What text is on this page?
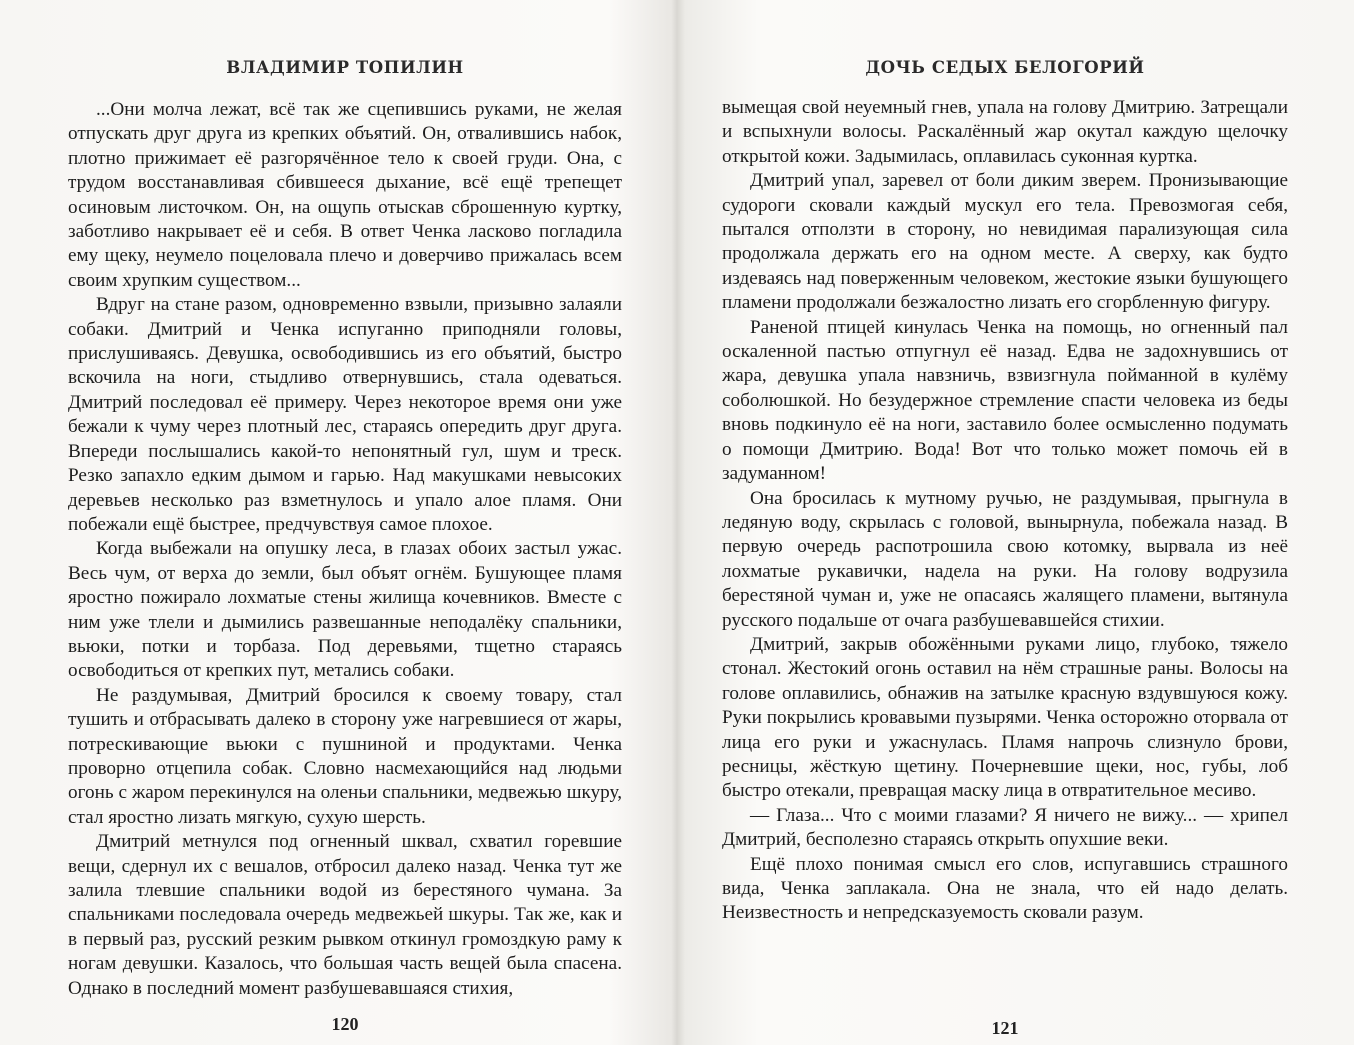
ВЛАДИМИР ТОПИЛИН

...Они молча лежат, всё так же сцепившись руками, не желая отпускать друг друга из крепких объятий. Он, отвалившись набок, плотно прижимает её разгорячённое тело к своей груди. Она, с трудом восстанавливая сбившееся дыхание, всё ещё трепещет осиновым листочком. Он, на ощупь отыскав сброшенную куртку, заботливо накрывает её и себя. В ответ Ченка ласково погладила ему щеку, неумело поцеловала плечо и доверчиво прижалась всем своим хрупким существом...

Вдруг на стане разом, одновременно взвыли, призывно залаяли собаки. Дмитрий и Ченка испуганно приподняли головы, прислушиваясь. Девушка, освободившись из его объятий, быстро вскочила на ноги, стыдливо отвернувшись, стала одеваться. Дмитрий последовал её примеру. Через некоторое время они уже бежали к чуму через плотный лес, стараясь опередить друг друга. Впереди послышались какой-то непонятный гул, шум и треск. Резко запахло едким дымом и гарью. Над макушками невысоких деревьев несколько раз взметнулось и упало алое пламя. Они побежали ещё быстрее, предчувствуя самое плохое.

Когда выбежали на опушку леса, в глазах обоих застыл ужас. Весь чум, от верха до земли, был объят огнём. Бушующее пламя яростно пожирало лохматые стены жилища кочевников. Вместе с ним уже тлели и дымились развешанные неподалёку спальники, вьюки, потки и торбаза. Под деревьями, тщетно стараясь освободиться от крепких пут, метались собаки.

Не раздумывая, Дмитрий бросился к своему товару, стал тушить и отбрасывать далеко в сторону уже нагревшиеся от жары, потрескивающие вьюки с пушниной и продуктами. Ченка проворно отцепила собак. Словно насмехающийся над людьми огонь с жаром перекинулся на оленьи спальники, медвежью шкуру, стал яростно лизать мягкую, сухую шерсть.

Дмитрий метнулся под огненный шквал, схватил горевшие вещи, сдернул их с вешалов, отбросил далеко назад. Ченка тут же залила тлевшие спальники водой из берестяного чумана. За спальниками последовала очередь медвежьей шкуры. Так же, как и в первый раз, русский резким рывком откинул громоздкую раму к ногам девушки. Казалось, что большая часть вещей была спасена. Однако в последний момент разбушевавшаяся стихия,

120
ДОЧЬ СЕДЫХ БЕЛОГОРИЙ

вымещая свой неуемный гнев, упала на голову Дмитрию. Затрещали и вспыхнули волосы. Раскалённый жар окутал каждую щелочку открытой кожи. Задымилась, оплавилась суконная куртка.

Дмитрий упал, заревел от боли диким зверем. Пронизывающие судороги сковали каждый мускул его тела. Превозмогая себя, пытался отползти в сторону, но невидимая парализующая сила продолжала держать его на одном месте. А сверху, как будто издеваясь над поверженным человеком, жестокие языки бушующего пламени продолжали безжалостно лизать его сгорбленную фигуру.

Раненой птицей кинулась Ченка на помощь, но огненный пал оскаленной пастью отпугнул её назад. Едва не задохнувшись от жара, девушка упала навзничь, взвизгнула пойманной в кулёму соболюшкой. Но безудержное стремление спасти человека из беды вновь подкинуло её на ноги, заставило более осмысленно подумать о помощи Дмитрию. Вода! Вот что только может помочь ей в задуманном!

Она бросилась к мутному ручью, не раздумывая, прыгнула в ледяную воду, скрылась с головой, вынырнула, побежала назад. В первую очередь распотрошила свою котомку, вырвала из неё лохматые рукавички, надела на руки. На голову водрузила берестяной чуман и, уже не опасаясь жалящего пламени, вытянула русского подальше от очага разбушевавшейся стихии.

Дмитрий, закрыв обожёнными руками лицо, глубоко, тяжело стонал. Жестокий огонь оставил на нём страшные раны. Волосы на голове оплавились, обнажив на затылке красную вздувшуюся кожу. Руки покрылись кровавыми пузырями. Ченка осторожно оторвала от лица его руки и ужаснулась. Пламя напрочь слизнуло брови, ресницы, жёсткую щетину. Почерневшие щеки, нос, губы, лоб быстро отекали, превращая маску лица в отвратительное месиво.

— Глаза... Что с моими глазами? Я ничего не вижу... — хрипел Дмитрий, бесполезно стараясь открыть опухшие веки.

Ещё плохо понимая смысл его слов, испугавшись страшного вида, Ченка заплакала. Она не знала, что ей надо делать. Неизвестность и непредсказуемость сковали разум.

121
